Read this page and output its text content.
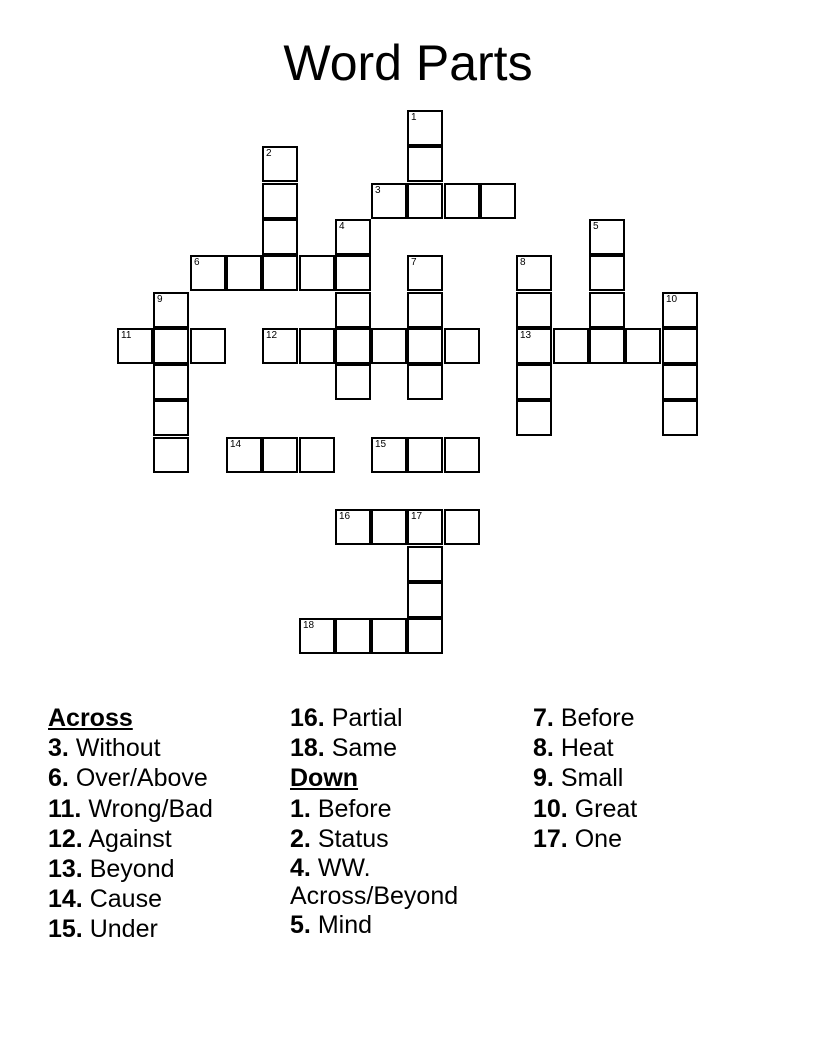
Word Parts
1
2
3
4	5
6	7	8
13
9	10
11	12
14	15
16	17
18
Across
3. Without
6. Over/Above
11. Wrong/Bad
12. Against
13. Beyond
14. Cause
15. Under
16. Partial
18. Same
Down
1. Before
2. Status
4. WW.
Across/Beyond
5. Mind
7. Before
8. Heat
9. Small
10. Great
17. One
